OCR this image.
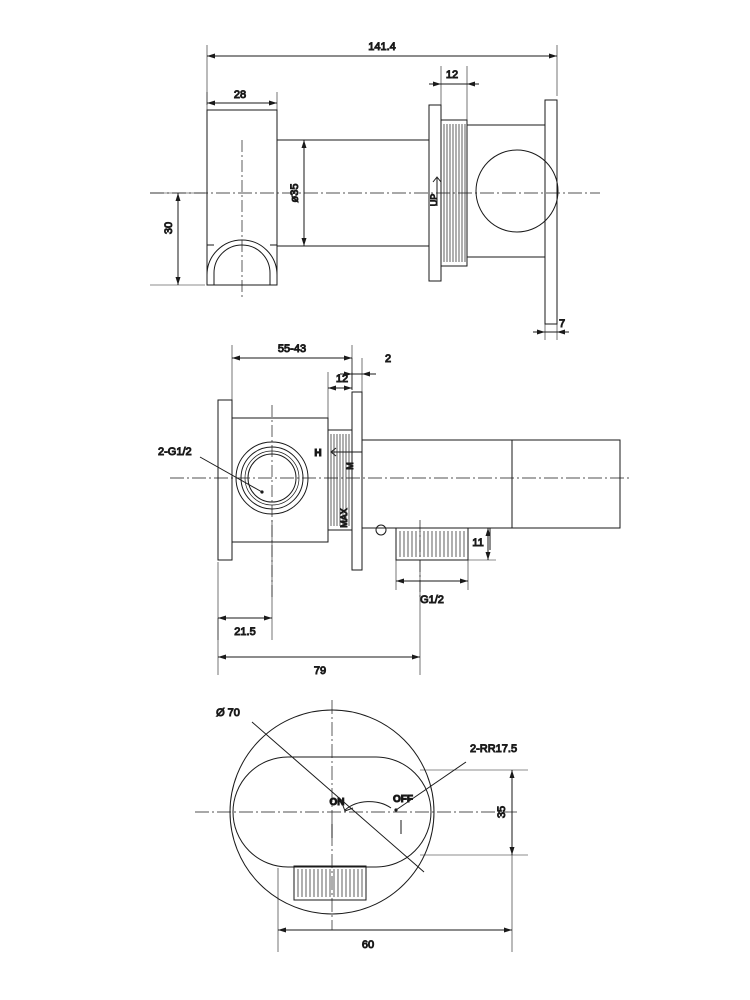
UP
141.4
28
12
30
ø35
7
H
M
MAX
2-G1/2
G1/2
55-43
2
12
11
21.5
79
ON	OFF
Ø 70
2-RR17.5
35
60
